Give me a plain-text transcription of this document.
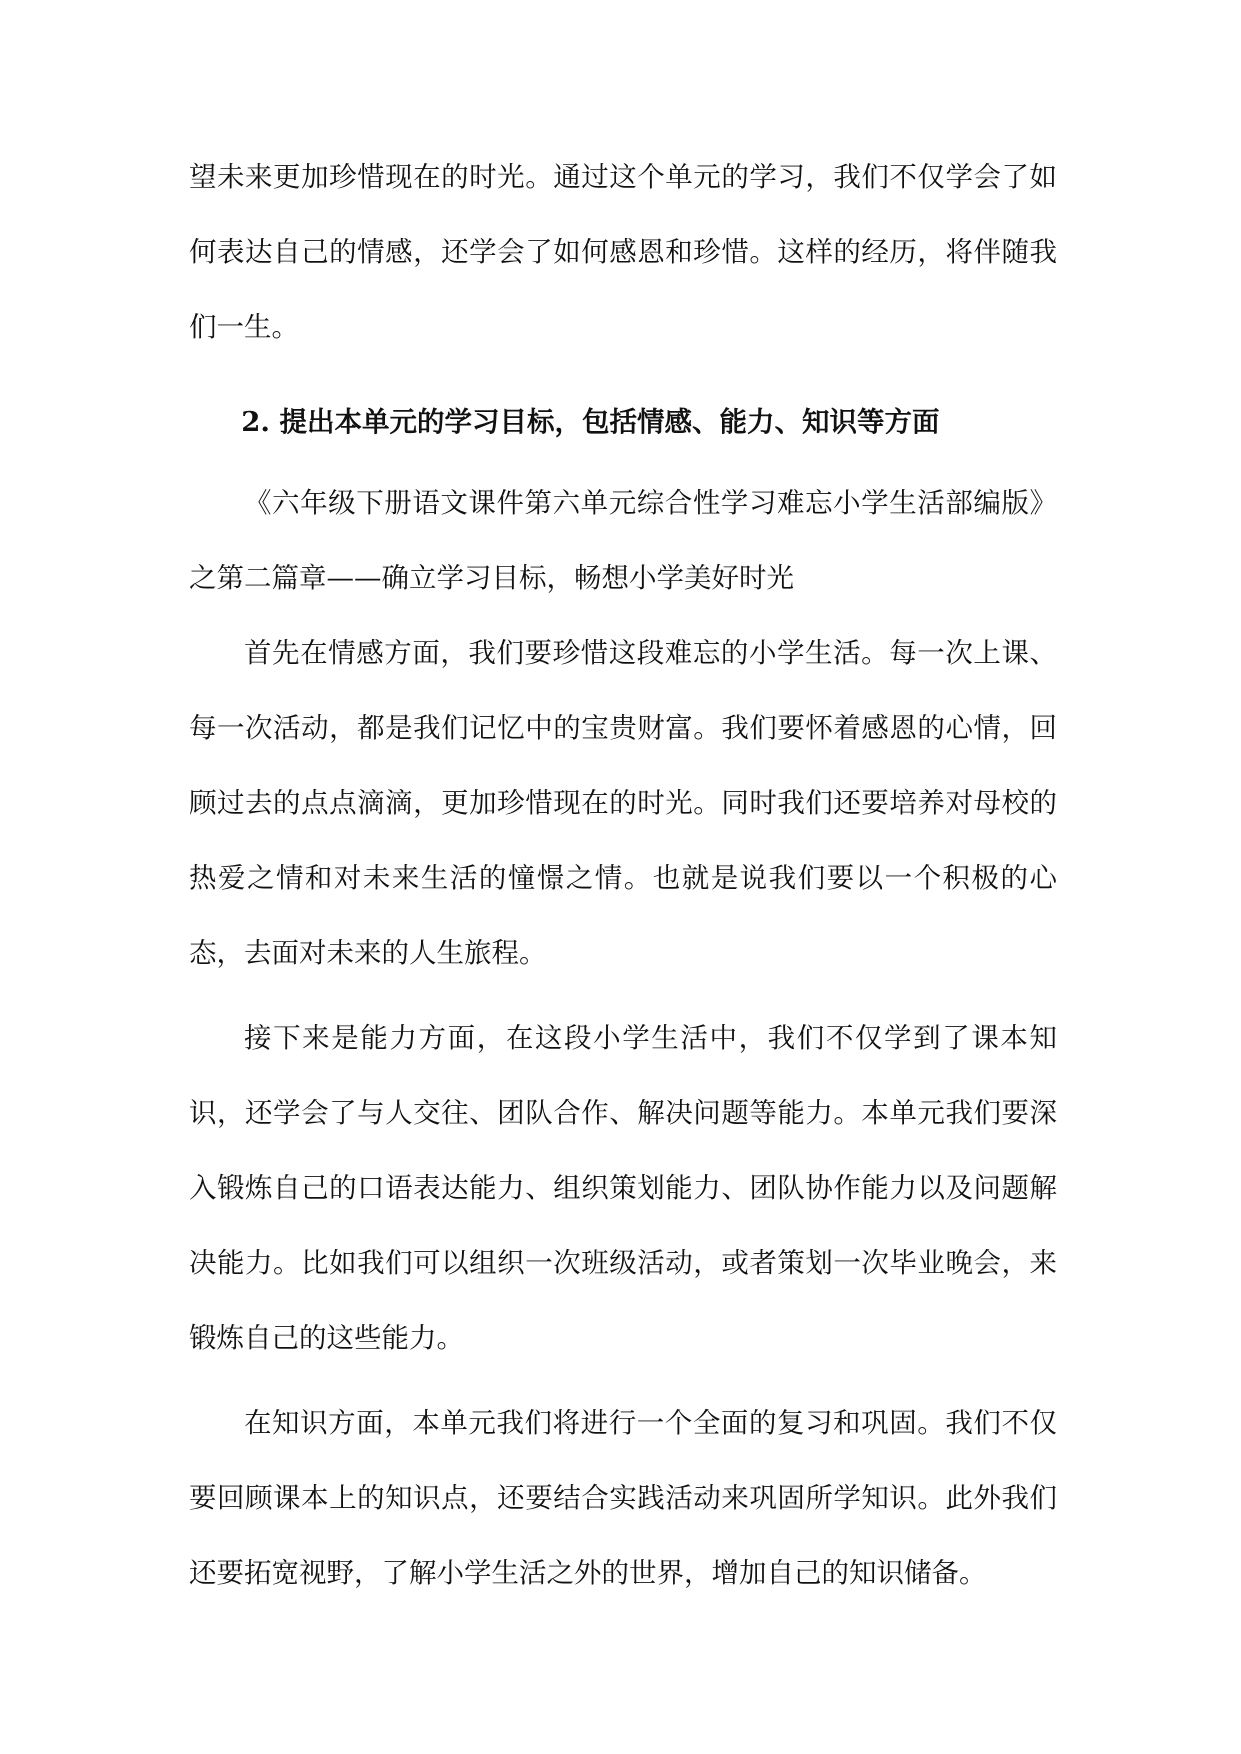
望未来更加珍惜现在的时光。通过这个单元的学习，我们不仅学会了如何表达自己的情感，还学会了如何感恩和珍惜。这样的经历，将伴随我们一生。

2. 提出本单元的学习目标，包括情感、能力、知识等方面

《六年级下册语文课件第六单元综合性学习难忘小学生活部编版》之第二篇章——确立学习目标，畅想小学美好时光

首先在情感方面，我们要珍惜这段难忘的小学生活。每一次上课、每一次活动，都是我们记忆中的宝贵财富。我们要怀着感恩的心情，回顾过去的点点滴滴，更加珍惜现在的时光。同时我们还要培养对母校的热爱之情和对未来生活的憧憬之情。也就是说我们要以一个积极的心态，去面对未来的人生旅程。

接下来是能力方面，在这段小学生活中，我们不仅学到了课本知识，还学会了与人交往、团队合作、解决问题等能力。本单元我们要深入锻炼自己的口语表达能力、组织策划能力、团队协作能力以及问题解决能力。比如我们可以组织一次班级活动，或者策划一次毕业晚会，来锻炼自己的这些能力。

在知识方面，本单元我们将进行一个全面的复习和巩固。我们不仅要回顾课本上的知识点，还要结合实践活动来巩固所学知识。此外我们还要拓宽视野，了解小学生活之外的世界，增加自己的知识储备。
